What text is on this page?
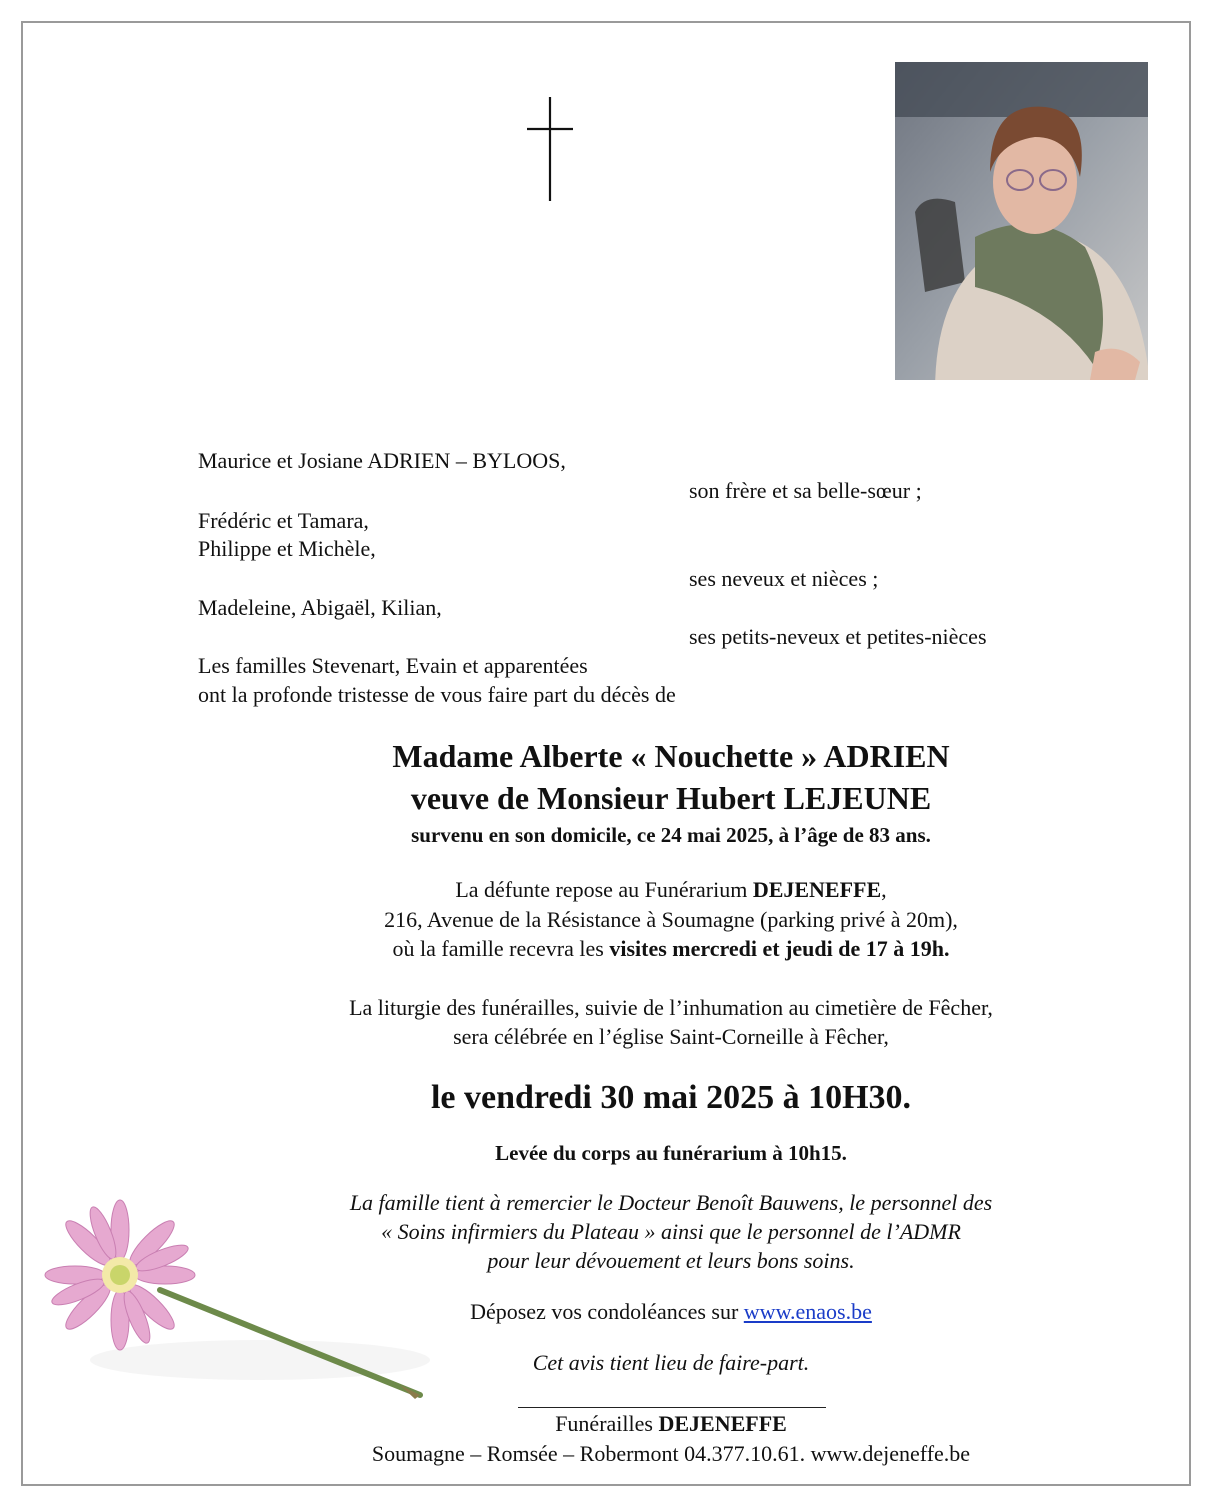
Maurice et Josiane ADRIEN – BYLOOS,
son frère et sa belle-sœur ;
Frédéric et Tamara,
Philippe et Michèle,
ses neveux et nièces ;
Madeleine, Abigaël, Kilian,
ses petits-neveux et petites-nièces
Les familles Stevenart, Evain et apparentées
ont la profonde tristesse de vous faire part du décès de
Madame Alberte « Nouchette » ADRIEN
veuve de Monsieur Hubert LEJEUNE
survenu en son domicile, ce 24 mai 2025, à l’âge de 83 ans.
La défunte repose au Funérarium DEJENEFFE,
216, Avenue de la Résistance à Soumagne (parking privé à 20m),
où la famille recevra les visites mercredi et jeudi de 17 à 19h.
La liturgie des funérailles, suivie de l’inhumation au cimetière de Fêcher,
sera célébrée en l’église Saint-Corneille à Fêcher,
le vendredi 30 mai 2025 à 10H30.
Levée du corps au funérarium à 10h15.
La famille tient à remercier le Docteur Benoît Bauwens, le personnel des
« Soins infirmiers du Plateau » ainsi que le personnel de l’ADMR
pour leur dévouement et leurs bons soins.
Déposez vos condoléances sur www.enaos.be
Cet avis tient lieu de faire-part.
Funérailles DEJENEFFE
Soumagne – Romsée – Robermont 04.377.10.61. www.dejeneffe.be
